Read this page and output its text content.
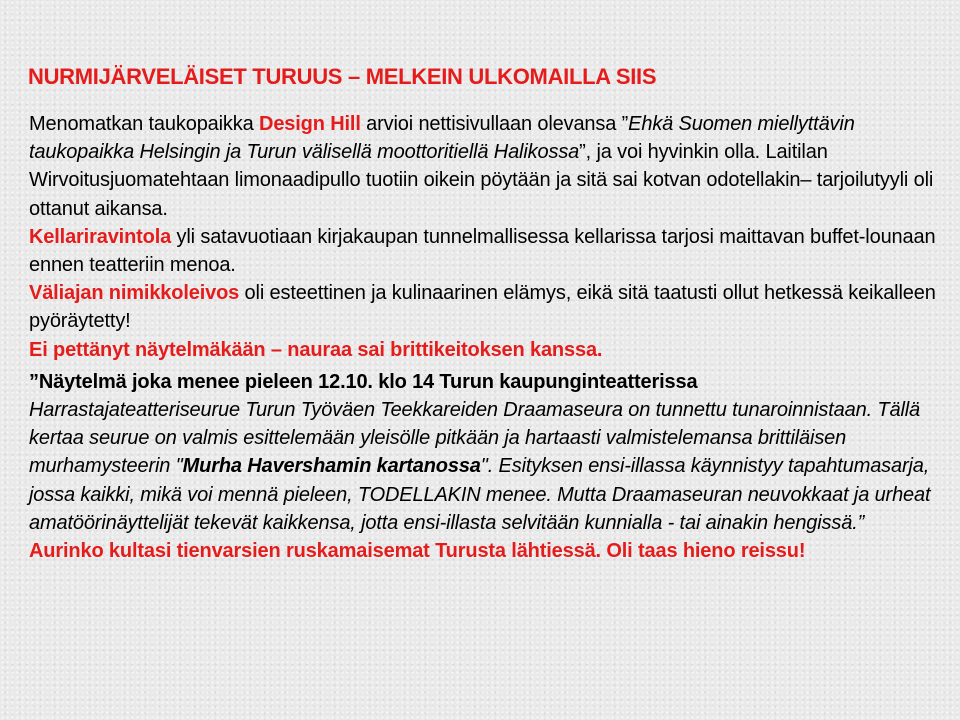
NURMIJÄRVELÄISET TURUUS – MELKEIN ULKOMAILLA SIIS

Menomatkan taukopaikka Design Hill arvioi nettisivullaan olevansa ”Ehkä Suomen miellyttävin taukopaikka Helsingin ja Turun välisellä moottoritiellä Halikossa”, ja voi hyvinkin olla. Laitilan Wirvoitusjuomatehtaan limonaadipullo tuotiin oikein pöytään ja sitä sai kotvan odotellakin– tarjoilutyyli oli ottanut aikansa.

Kellariravintola yli satavuotiaan kirjakaupan tunnelmallisessa kellarissa tarjosi maittavan buffet-lounaan ennen teatteriin menoa.

Väliajan nimikkoleivos oli esteettinen ja kulinaarinen elämys, eikä sitä taatusti ollut hetkessä keikalleen pyöräytetty!

Ei pettänyt näytelmäkään – nauraa sai brittikeitoksen kanssa.

”Näytelmä joka menee pieleen 12.10. klo 14 Turun kaupunginteatterissa
Harrastajateatteriseurue Turun Työväen Teekkareiden Draamaseura on tunnettu tunaroinnistaan. Tällä kertaa seurue on valmis esittelemään yleisölle pitkään ja hartaasti valmistelemansa brittiläisen murhamysteerin "Murha Havershamin kartanossa". Esityksen ensi-illassa käynnistyy tapahtumasarja, jossa kaikki, mikä voi mennä pieleen, TODELLAKIN menee. Mutta Draamaseuran neuvokkaat ja urheat amatöörinäyttelijät tekevät kaikkensa, jotta ensi-illasta selvitään kunnialla - tai ainakin hengissä.”

Aurinko kultasi tienvarsien ruskamaisemat Turusta lähtiessä. Oli taas hieno reissu!
